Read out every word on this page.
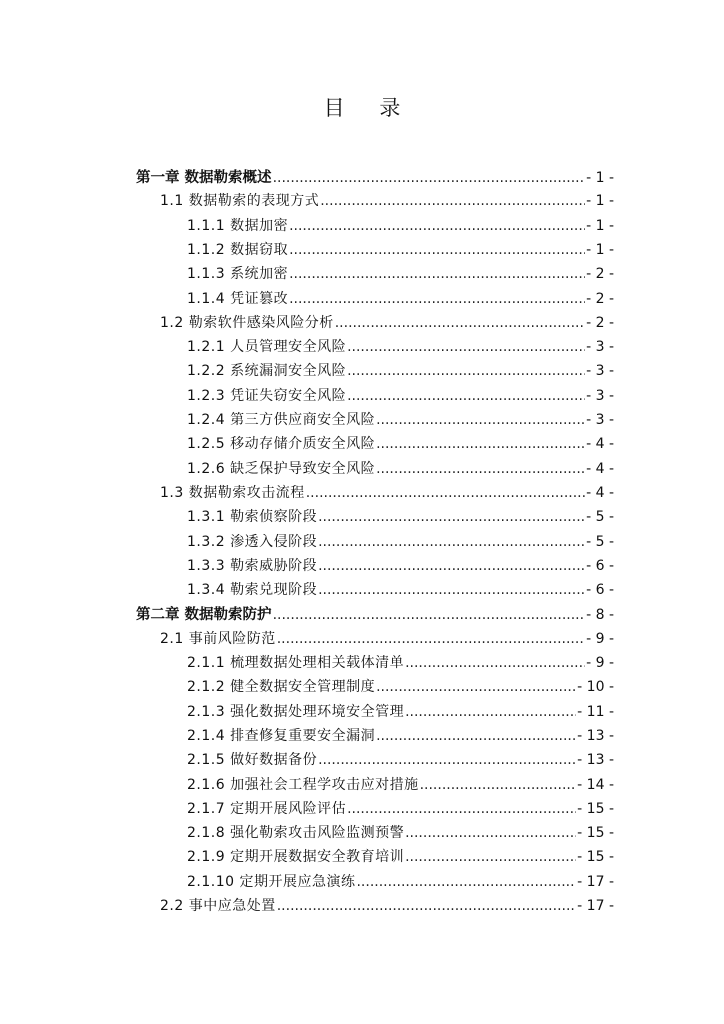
目 录
第一章 数据勒索概述 .....	- 1 -
1.1 数据勒索的表现方式 .....	- 1 -
1.1.1 数据加密 .....	- 1 -
1.1.2 数据窃取 .....	- 1 -
1.1.3 系统加密 .....	- 2 -
1.1.4 凭证篡改 .....	- 2 -
1.2 勒索软件感染风险分析 .....	- 2 -
1.2.1 人员管理安全风险 .....	- 3 -
1.2.2 系统漏洞安全风险 .....	- 3 -
1.2.3 凭证失窃安全风险 .....	- 3 -
1.2.4 第三方供应商安全风险 .....	- 3 -
1.2.5 移动存储介质安全风险 .....	- 4 -
1.2.6 缺乏保护导致安全风险 .....	- 4 -
1.3 数据勒索攻击流程 .....	- 4 -
1.3.1 勒索侦察阶段 .....	- 5 -
1.3.2 渗透入侵阶段 .....	- 5 -
1.3.3 勒索威胁阶段 .....	- 6 -
1.3.4 勒索兑现阶段 .....	- 6 -
第二章 数据勒索防护 .....	- 8 -
2.1 事前风险防范 .....	- 9 -
2.1.1 梳理数据处理相关载体清单 .....	- 9 -
2.1.2 健全数据安全管理制度 .....	- 10 -
2.1.3 强化数据处理环境安全管理 .....	- 11 -
2.1.4 排查修复重要安全漏洞 .....	- 13 -
2.1.5 做好数据备份 .....	- 13 -
2.1.6 加强社会工程学攻击应对措施 .....	- 14 -
2.1.7 定期开展风险评估 .....	- 15 -
2.1.8 强化勒索攻击风险监测预警 .....	- 15 -
2.1.9 定期开展数据安全教育培训 .....	- 15 -
2.1.10 定期开展应急演练 .....	- 17 -
2.2 事中应急处置 .....	- 17 -
